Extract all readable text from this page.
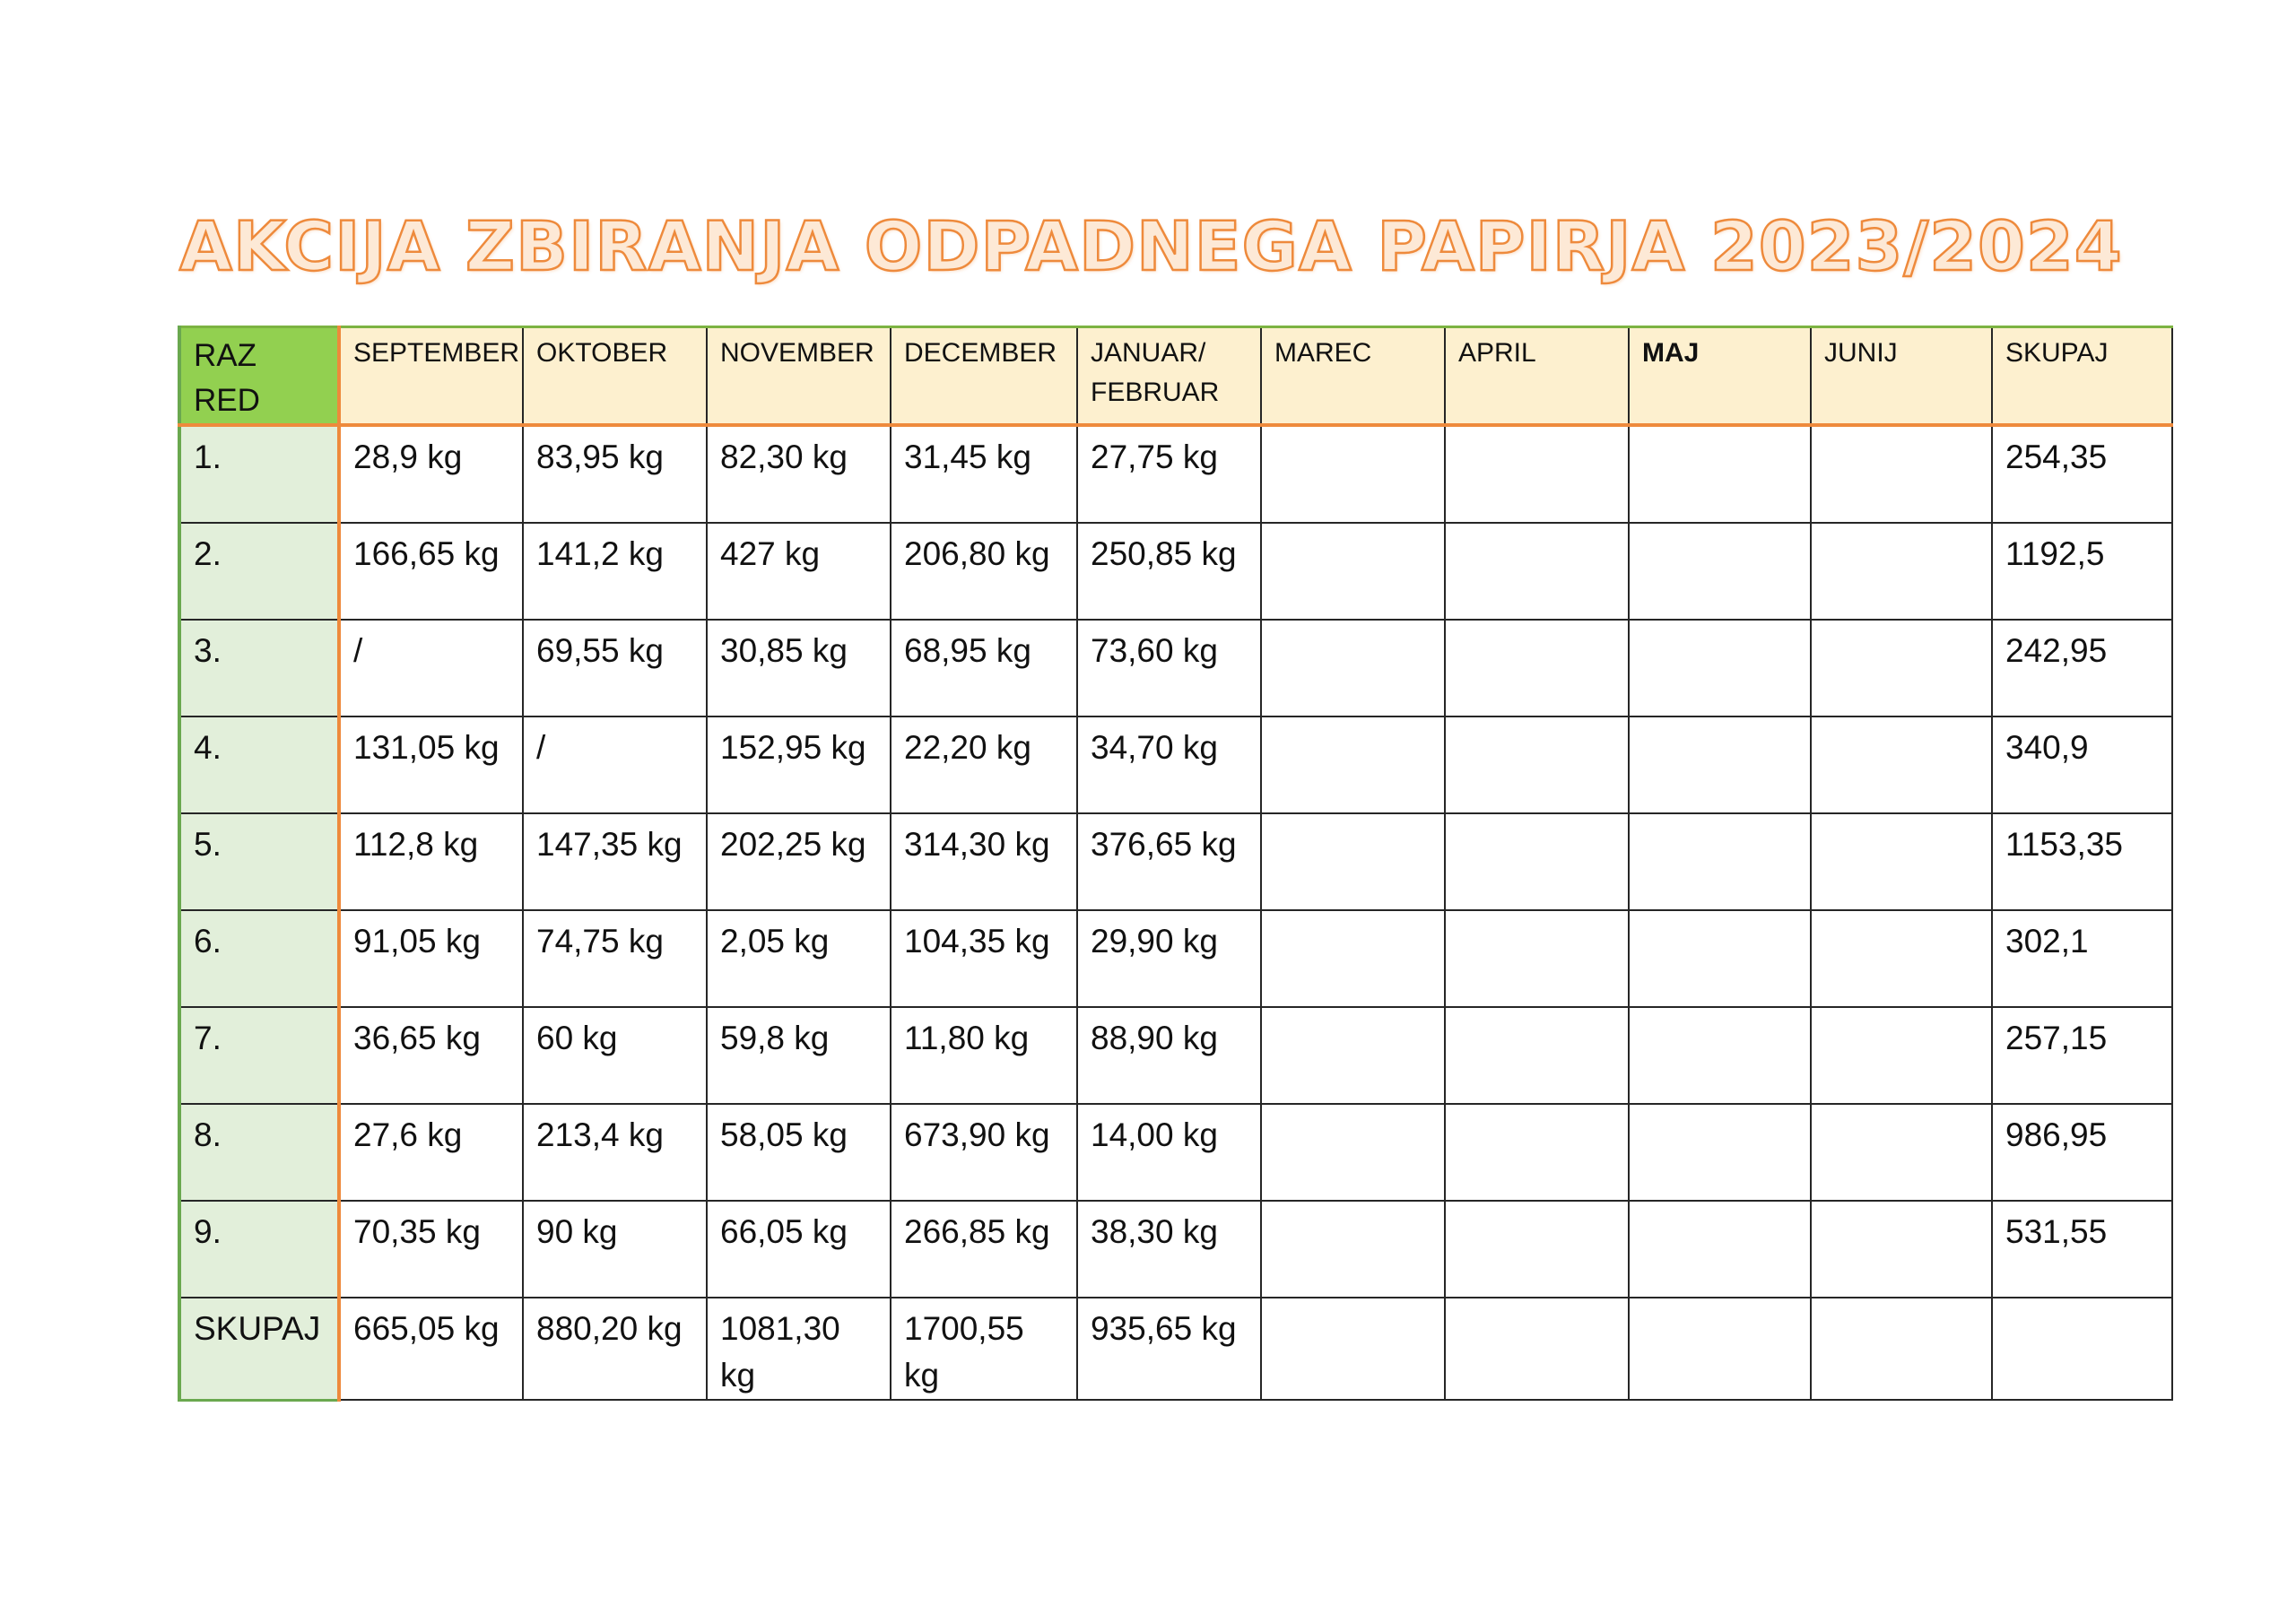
AKCIJA ZBIRANJA ODPADNEGA PAPIRJA 2023/2024
RAZ RED	SEPTEMBER	OKTOBER	NOVEMBER	DECEMBER	JANUAR/ FEBRUAR	MAREC	APRIL	MAJ	JUNIJ	SKUPAJ
1.	28,9 kg	83,95 kg	82,30 kg	31,45 kg	27,75 kg					254,35
2.	166,65 kg	141,2 kg	427 kg	206,80 kg	250,85 kg					1192,5
3.	/	69,55 kg	30,85 kg	68,95 kg	73,60 kg					242,95
4.	131,05 kg	/	152,95 kg	22,20 kg	34,70 kg					340,9
5.	112,8 kg	147,35 kg	202,25 kg	314,30 kg	376,65 kg					1153,35
6.	91,05 kg	74,75 kg	2,05 kg	104,35 kg	29,90 kg					302,1
7.	36,65 kg	60 kg	59,8 kg	11,80 kg	88,90 kg					257,15
8.	27,6 kg	213,4 kg	58,05 kg	673,90 kg	14,00 kg					986,95
9.	70,35 kg	90 kg	66,05 kg	266,85 kg	38,30 kg					531,55
SKUPAJ	665,05 kg	880,20 kg	1081,30 kg	1700,55 kg	935,65 kg					
